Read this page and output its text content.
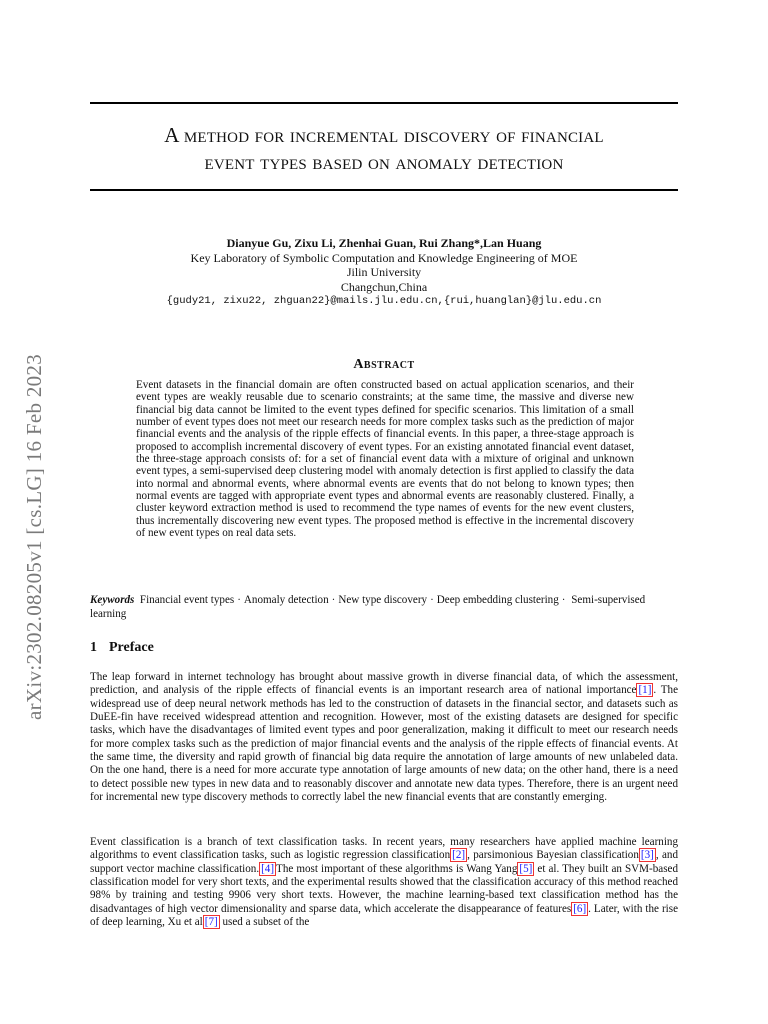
arXiv:2302.08205v1 [cs.LG] 16 Feb 2023
A method for incremental discovery of financial
event types based on anomaly detection
Dianyue Gu, Zixu Li, Zhenhai Guan, Rui Zhang*,Lan Huang
Key Laboratory of Symbolic Computation and Knowledge Engineering of MOE
Jilin University
Changchun,China
{gudy21, zixu22, zhguan22}@mails.jlu.edu.cn,{rui,huanglan}@jlu.edu.cn
Abstract
Event datasets in the financial domain are often constructed based on actual application scenarios, and their event types are weakly reusable due to scenario constraints; at the same time, the massive and diverse new financial big data cannot be limited to the event types defined for specific scenarios. This limitation of a small number of event types does not meet our research needs for more complex tasks such as the prediction of major financial events and the analysis of the ripple effects of financial events. In this paper, a three-stage approach is proposed to accomplish incremental discovery of event types. For an existing annotated financial event dataset, the three-stage approach consists of: for a set of financial event data with a mixture of original and unknown event types, a semi-supervised deep clustering model with anomaly detection is first applied to classify the data into normal and abnormal events, where abnormal events are events that do not belong to known types; then normal events are tagged with appropriate event types and abnormal events are reasonably clustered. Finally, a cluster keyword extraction method is used to recommend the type names of events for the new event clusters, thus incrementally discovering new event types. The proposed method is effective in the incremental discovery of new event types on real data sets.
Keywords Financial event types · Anomaly detection · New type discovery · Deep embedding clustering · Semi-supervised learning
1 Preface
The leap forward in internet technology has brought about massive growth in diverse financial data, of which the assessment, prediction, and analysis of the ripple effects of financial events is an important research area of national importance [1] . The widespread use of deep neural network methods has led to the construction of datasets in the financial sector, and datasets such as DuEE-fin have received widespread attention and recognition. However, most of the existing datasets are designed for specific tasks, which have the disadvantages of limited event types and poor generalization, making it difficult to meet our research needs for more complex tasks such as the prediction of major financial events and the analysis of the ripple effects of financial events. At the same time, the diversity and rapid growth of financial big data require the annotation of large amounts of new unlabeled data. On the one hand, there is a need for more accurate type annotation of large amounts of new data; on the other hand, there is a need to detect possible new types in new data and to reasonably discover and annotate new data types. Therefore, there is an urgent need for incremental new type discovery methods to correctly label the new financial events that are constantly emerging.
Event classification is a branch of text classification tasks. In recent years, many researchers have applied machine learning algorithms to event classification tasks, such as logistic regression classification [2] , parsimonious Bayesian classification [3] , and support vector machine classification. [4] The most important of these algorithms is Wang Yang [5] et al. They built an SVM-based classification model for very short texts, and the experimental results showed that the classification accuracy of this method reached 98% by training and testing 9906 very short texts. However, the machine learning-based text classification method has the disadvantages of high vector dimensionality and sparse data, which accelerate the disappearance of features [6] . Later, with the rise of deep learning, Xu et al [7] used a subset of the
